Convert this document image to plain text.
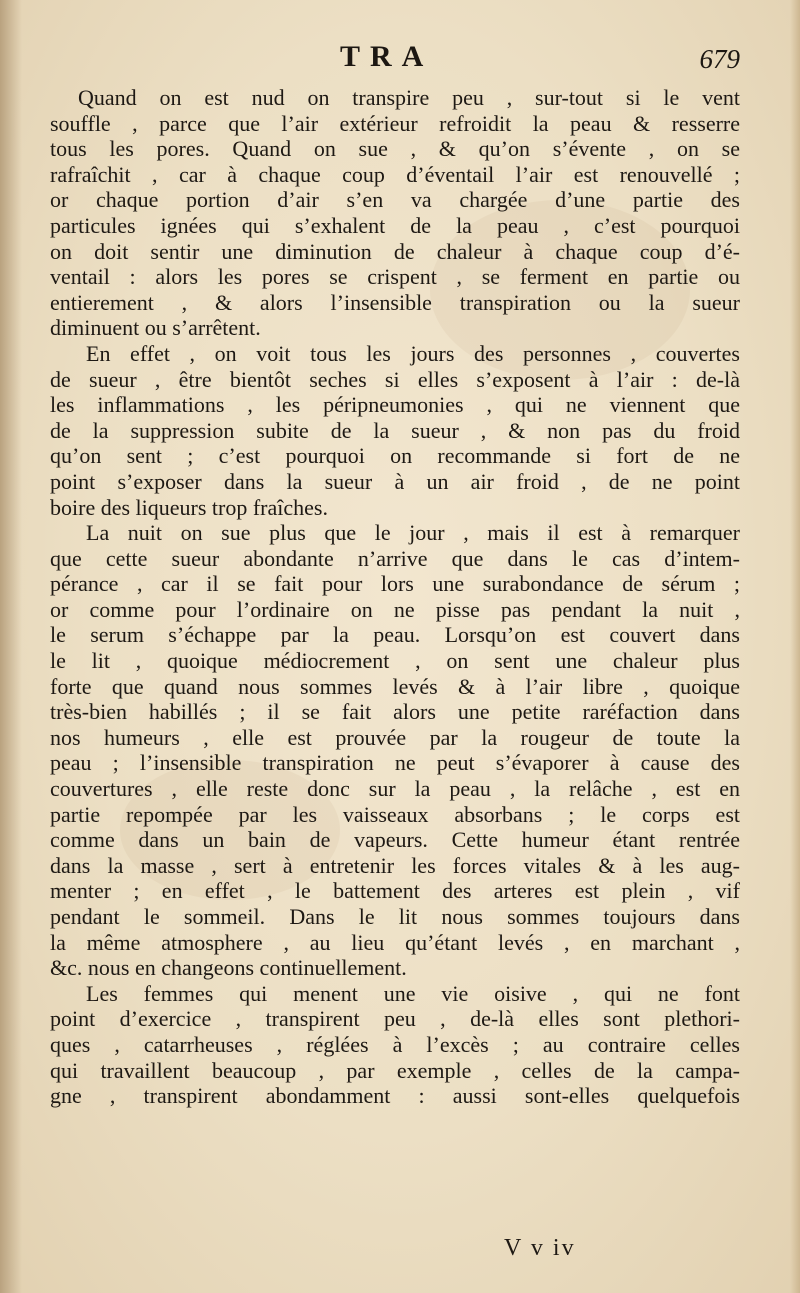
TRA	679
Quand on est nud on transpire peu , sur-tout si le vent
souffle , parce que l’air extérieur refroidit la peau & resserre
tous les pores. Quand on sue , & qu’on s’évente , on se
rafraîchit , car à chaque coup d’éventail l’air est renouvellé ;
or chaque portion d’air s’en va chargée d’une partie des
particules ignées qui s’exhalent de la peau , c’est pourquoi
on doit sentir une diminution de chaleur à chaque coup d’é-
ventail : alors les pores se crispent , se ferment en partie ou
entierement , & alors l’insensible transpiration ou la sueur
diminuent ou s’arrêtent.
En effet , on voit tous les jours des personnes , couvertes
de sueur , être bientôt seches si elles s’exposent à l’air : de-là
les inflammations , les péripneumonies , qui ne viennent que
de la suppression subite de la sueur , & non pas du froid
qu’on sent ; c’est pourquoi on recommande si fort de ne
point s’exposer dans la sueur à un air froid , de ne point
boire des liqueurs trop fraîches.
La nuit on sue plus que le jour , mais il est à remarquer
que cette sueur abondante n’arrive que dans le cas d’intem-
pérance , car il se fait pour lors une surabondance de sérum ;
or comme pour l’ordinaire on ne pisse pas pendant la nuit ,
le serum s’échappe par la peau. Lorsqu’on est couvert dans
le lit , quoique médiocrement , on sent une chaleur plus
forte que quand nous sommes levés & à l’air libre , quoique
très-bien habillés ; il se fait alors une petite raréfaction dans
nos humeurs , elle est prouvée par la rougeur de toute la
peau ; l’insensible transpiration ne peut s’évaporer à cause des
couvertures , elle reste donc sur la peau , la relâche , est en
partie repompée par les vaisseaux absorbans ; le corps est
comme dans un bain de vapeurs. Cette humeur étant rentrée
dans la masse , sert à entretenir les forces vitales & à les aug-
menter ; en effet , le battement des arteres est plein , vif
pendant le sommeil. Dans le lit nous sommes toujours dans
la même atmosphere , au lieu qu’étant levés , en marchant ,
&c. nous en changeons continuellement.
Les femmes qui menent une vie oisive , qui ne font
point d’exercice , transpirent peu , de-là elles sont plethori-
ques , catarrheuses , réglées à l’excès ; au contraire celles
qui travaillent beaucoup , par exemple , celles de la campa-
gne , transpirent abondamment : aussi sont-elles quelquefois
V v iv
